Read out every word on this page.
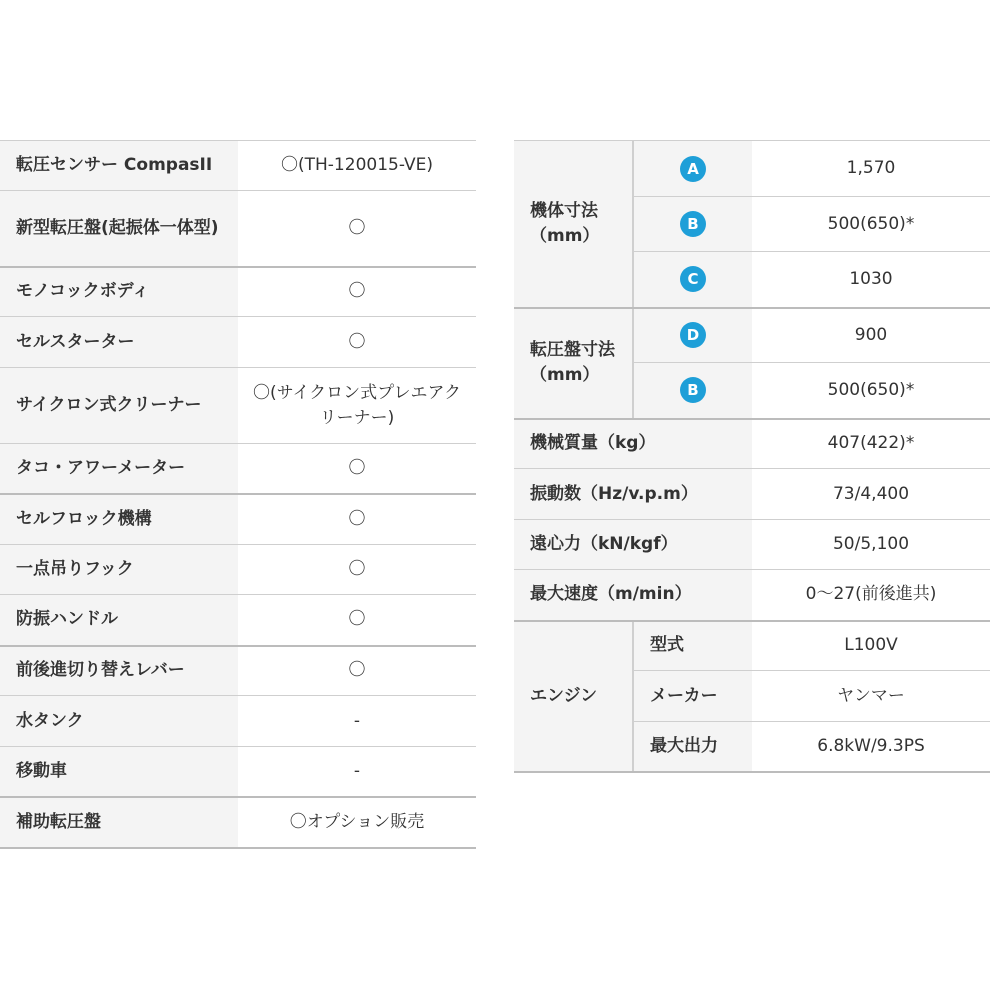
転圧センサー CompasII	〇(TH-120015-VE)
新型転圧盤(起振体一体型)	〇
モノコックボディ	〇
セルスターター	〇
サイクロン式クリーナー	〇(サイクロン式プレエアクリーナー)
タコ・アワーメーター	〇
セルフロック機構	〇
一点吊りフック	〇
防振ハンドル	〇
前後進切り替えレバー	〇
水タンク	-
移動車	-
補助転圧盤	〇オプション販売
機体寸法（mm）	A	1,570
	B	500(650)*
	C	1030
転圧盤寸法（mm）	D	900
	B	500(650)*
機械質量（kg）		407(422)*
振動数（Hz/v.p.m）		73/4,400
遠心力（kN/kgf）		50/5,100
最大速度（m/min）		0〜27(前後進共)
エンジン	型式	L100V
	メーカー	ヤンマー
	最大出力	6.8kW/9.3PS
